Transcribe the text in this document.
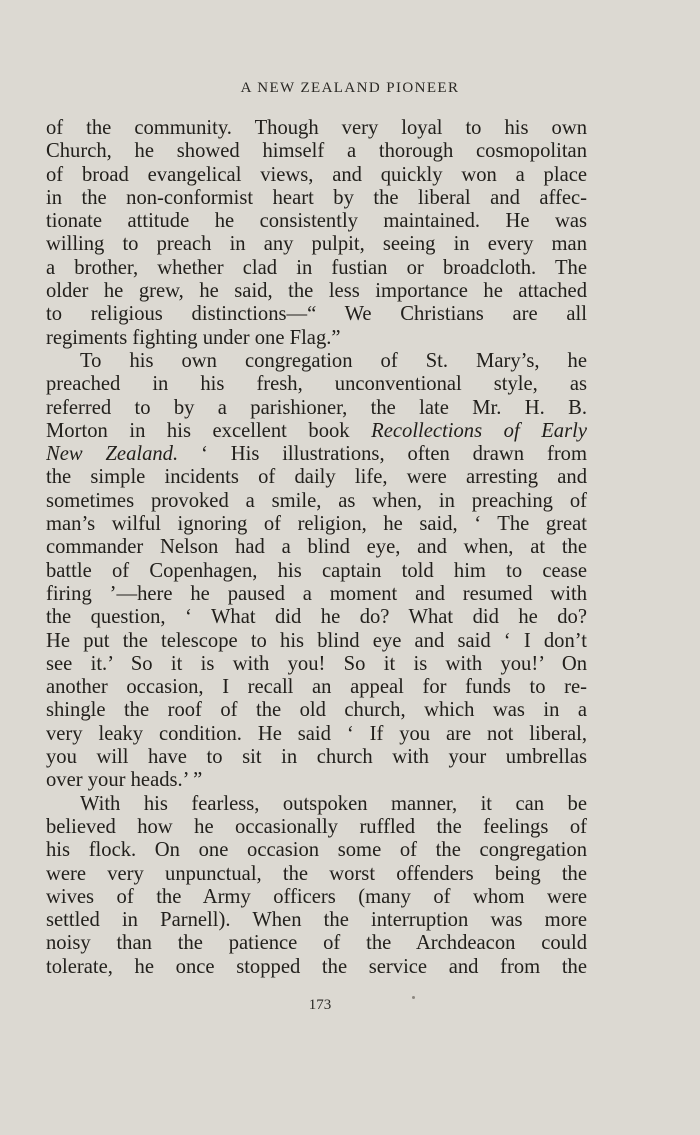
A NEW ZEALAND PIONEER
of the community. Though very loyal to his own
Church, he showed himself a thorough cosmopolitan
of broad evangelical views, and quickly won a place
in the non-conformist heart by the liberal and affec-
tionate attitude he consistently maintained. He was
willing to preach in any pulpit, seeing in every man
a brother, whether clad in fustian or broadcloth. The
older he grew, he said, the less importance he attached
to religious distinctions—“ We Christians are all
regiments fighting under one Flag.”
To his own congregation of St. Mary’s, he
preached in his fresh, unconventional style, as
referred to by a parishioner, the late Mr. H. B.
Morton in his excellent book Recollections of Early
New Zealand. ‘ His illustrations, often drawn from
the simple incidents of daily life, were arresting and
sometimes provoked a smile, as when, in preaching of
man’s wilful ignoring of religion, he said, ‘ The great
commander Nelson had a blind eye, and when, at the
battle of Copenhagen, his captain told him to cease
firing ’—here he paused a moment and resumed with
the question, ‘ What did he do? What did he do?
He put the telescope to his blind eye and said ‘ I don’t
see it.’ So it is with you! So it is with you!’ On
another occasion, I recall an appeal for funds to re-
shingle the roof of the old church, which was in a
very leaky condition. He said ‘ If you are not liberal,
you will have to sit in church with your umbrellas
over your heads.’ ”
With his fearless, outspoken manner, it can be
believed how he occasionally ruffled the feelings of
his flock. On one occasion some of the congregation
were very unpunctual, the worst offenders being the
wives of the Army officers (many of whom were
settled in Parnell). When the interruption was more
noisy than the patience of the Archdeacon could
tolerate, he once stopped the service and from the
173
